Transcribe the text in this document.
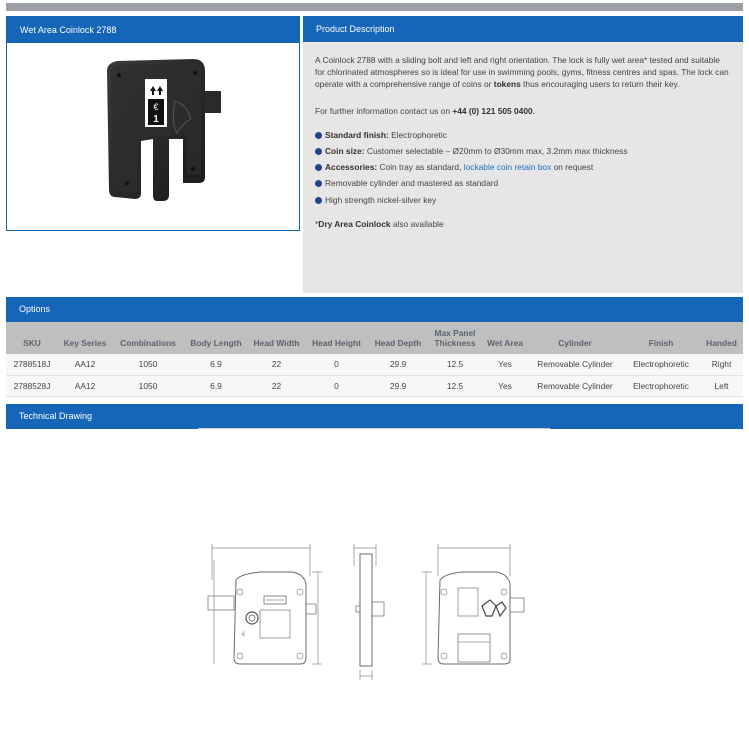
Wet Area Coinlock 2788
€
1
Product Description

A Coinlock 2788 with a sliding bolt and left and right orientation. The lock is fully wet area* tested and suitable for chlorinated atmospheres so is ideal for use in swimming pools, gyms, fitness centres and spas. The lock can operate with a comprehensive range of coins or tokens thus encouraging users to return their key.

For further information contact us on +44 (0) 121 505 0400.

Standard finish: Electrophoretic
Coin size: Customer selectable – Ø20mm to Ø30mm max, 3.2mm max thickness
Accessories: Coin tray as standard, lockable coin retain box on request
Removable cylinder and mastered as standard
High strength nickel-silver key

*Dry Area Coinlock also available

Options
SKU	Key Series	Combinations	Body Length	Head Width	Head Height	Head Depth	Max Panel Thickness	Wet Area	Cylinder	Finish	Handed
2788518J	AA12	1050	6.9	22	0	29.9	12.5	Yes	Removable Cylinder	Electrophoretic	Right
2788528J	AA12	1050	6.9	22	0	29.9	12.5	Yes	Removable Cylinder	Electrophoretic	Left
Technical Drawing
€
